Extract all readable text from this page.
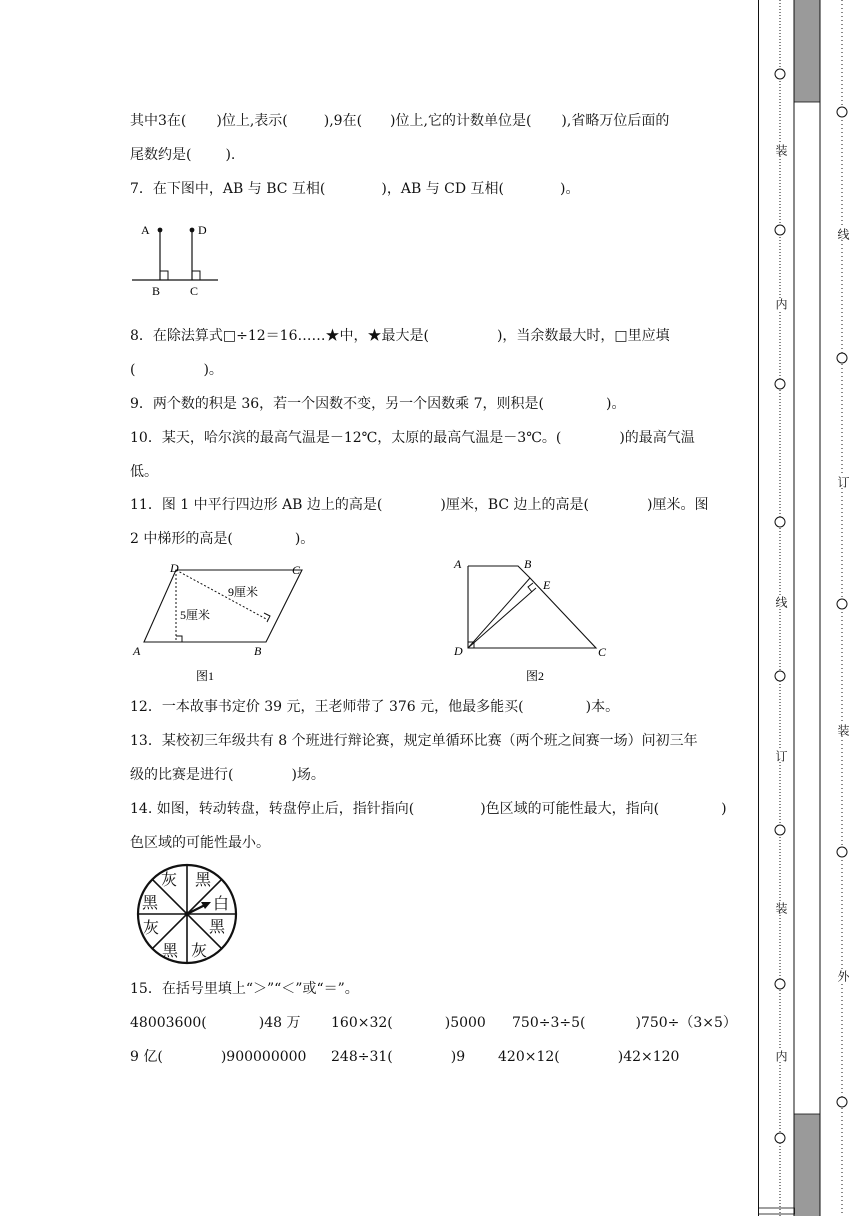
其中3在( )位上,表示(	),9在( )位上,它的计数单位是( ),省略万位后面的
尾数约是( ).
7．在下图中，AB 与 BC 互相(	)，AB 与 CD 互相(	)。
A	D
B C
8．在除法算式□÷12＝16……★中，★最大是(	)，当余数最大时，□里应填
(	)。
9．两个数的积是 36，若一个因数不变，另一个因数乘 7，则积是(	)。
10．某天，哈尔滨的最高气温是－12℃，太原的最高气温是－3℃。(	)的最高气温
低。
11．图 1 中平行四边形 AB 边上的高是(	)厘米，BC 边上的高是(	)厘米。图
2 中梯形的高是(	)。
D	C
A	B
9厘米
5厘米
图1
A	B
E
D	C
图2
12．一本故事书定价 39 元，王老师带了 376 元，他最多能买(	)本。
13．某校初三年级共有 8 个班进行辩论赛，规定单循环比赛（两个班之间赛一场）问初三年
级的比赛是进行(	)场。
14. 如图，转动转盘，转盘停止后，指针指向(	)色区域的可能性最大，指向(	)
色区域的可能性最小。
灰 黑
白
黑
灰
黑
灰
黑
15．在括号里填上“＞”“＜”或“＝”。
48003600(	)48 万 160×32(	)5000 750÷3÷5(	)750÷（3×5）
9 亿(	)900000000 248÷31(	)9 420×12(	)42×120
装
内
线
订
装
内
线
订
装
外
